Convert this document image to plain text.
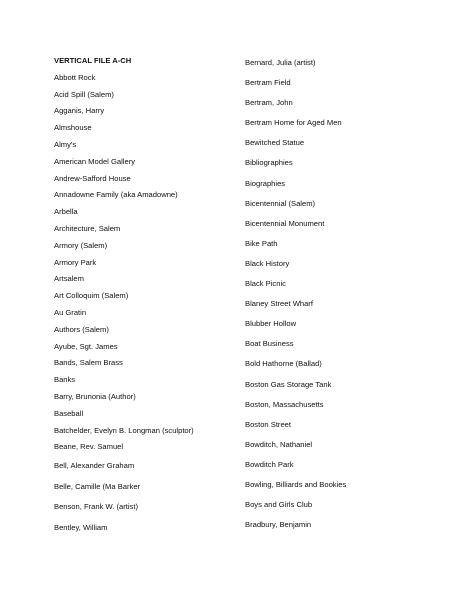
VERTICAL FILE A-CH
Abbott Rock
Acid Spill (Salem)
Agganis, Harry
Almshouse
Almy's
American Model Gallery
Andrew-Safford House
Annadowne Family (aka Amadowne)
Arbella
Architecture, Salem
Armory (Salem)
Armory Park
Artsalem
Art Colloquim (Salem)
Au Gratin
Authors (Salem)
Ayube, Sgt. James
Bands, Salem Brass
Banks
Barry, Brunonia (Author)
Baseball
Batchelder, Evelyn B. Longman (sculptor)
Beane, Rev. Samuel
Bell, Alexander Graham
Belle, Camille (Ma Barker
Benson, Frank W. (artist)
Bentley, William
Bernard, Julia (artist)
Bertram Field
Bertram, John
Bertram Home for Aged Men
Bewitched Statue
Bibliographies
Biographies
Bicentennial (Salem)
Bicentennial Monument
Bike Path
Black History
Black Picnic
Blaney Street Wharf
Blubber Hollow
Boat Business
Bold Hathorne (Ballad)
Boston Gas Storage Tank
Boston, Massachusetts
Boston Street
Bowditch, Nathaniel
Bowditch Park
Bowling, Billiards and Bookies
Boys and Girls Club
Bradbury, Benjamin
